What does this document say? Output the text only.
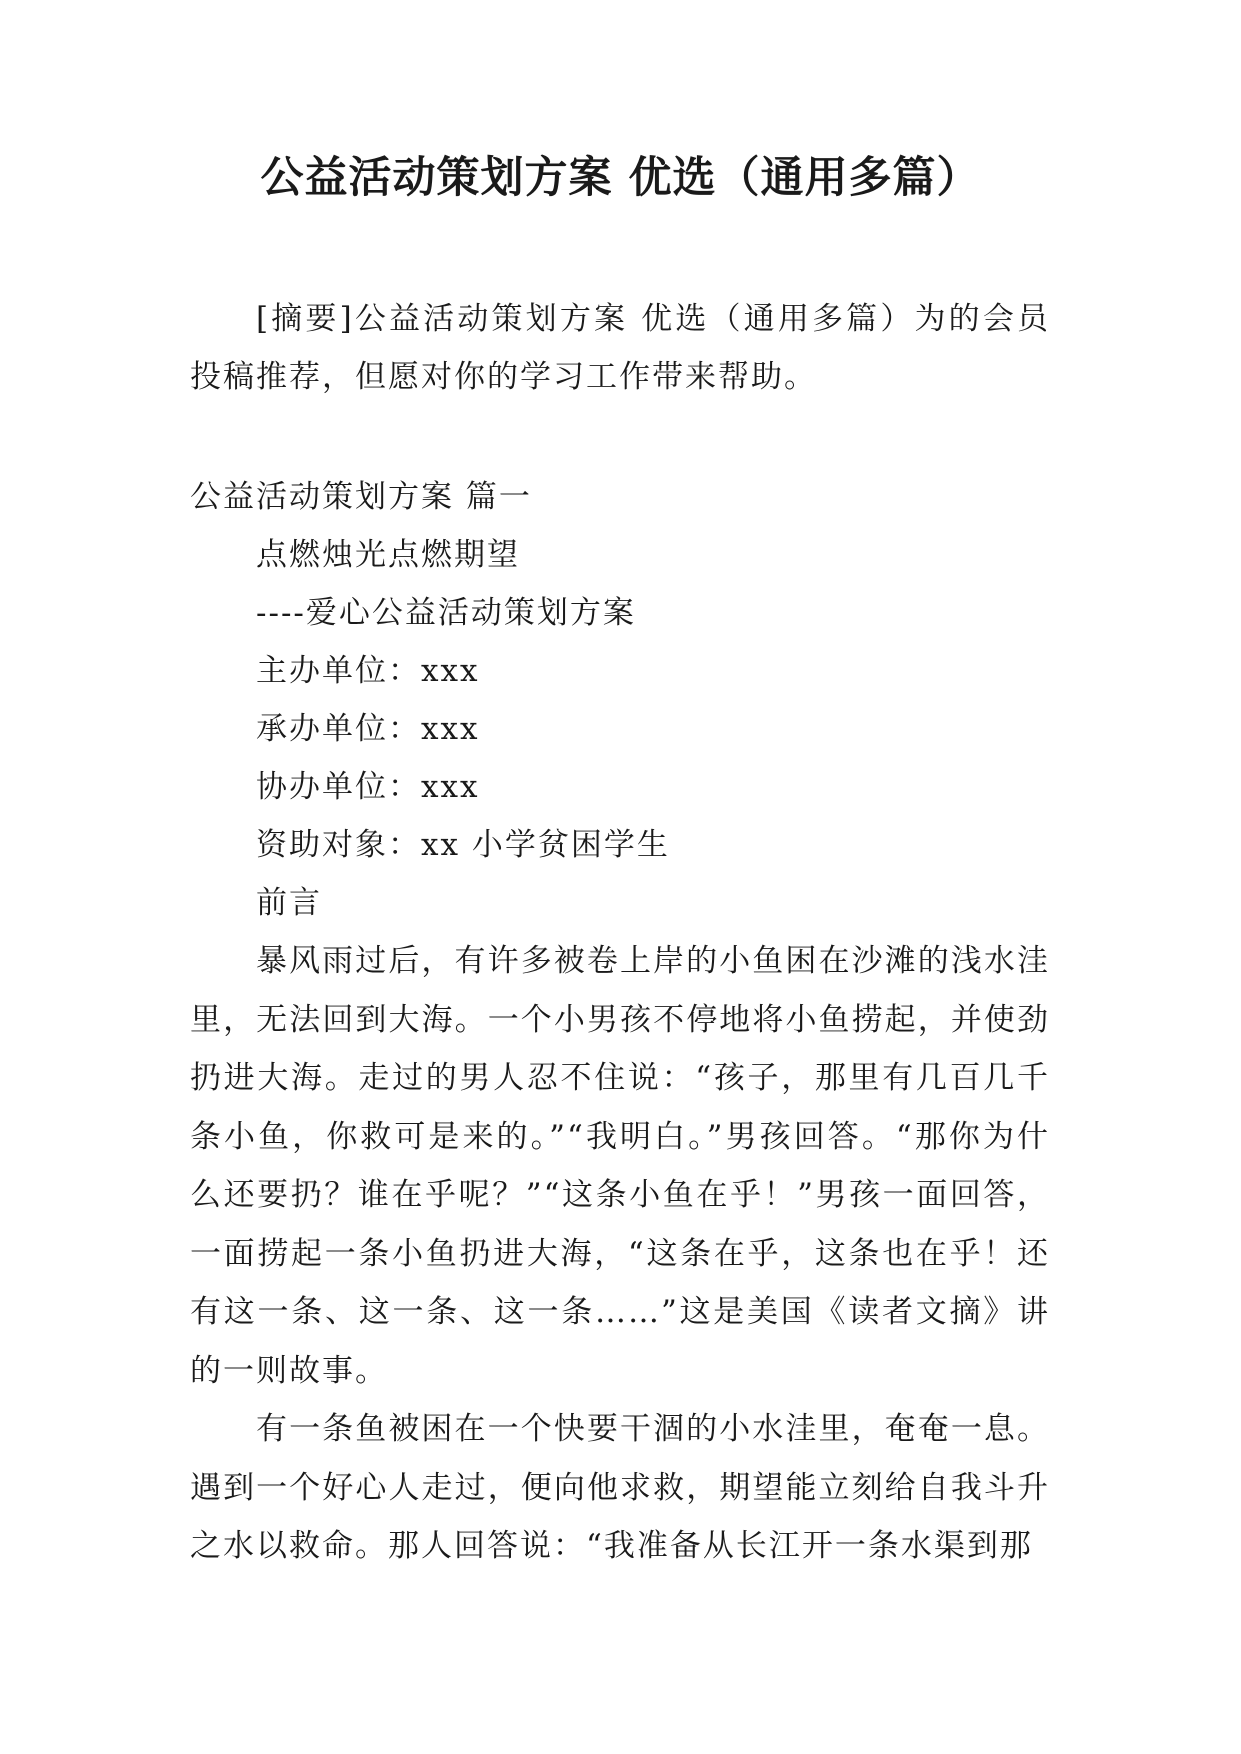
公益活动策划方案 优选（通用多篇）

[摘要]公益活动策划方案 优选（通用多篇）为的会员投稿推荐，但愿对你的学习工作带来帮助。

公益活动策划方案 篇一

点燃烛光点燃期望

----爱心公益活动策划方案

主办单位：xxx

承办单位：xxx

协办单位：xxx

资助对象：xx 小学贫困学生

前言

暴风雨过后，有许多被卷上岸的小鱼困在沙滩的浅水洼里，无法回到大海。一个小男孩不停地将小鱼捞起，并使劲扔进大海。走过的男人忍不住说：“孩子，那里有几百几千条小鱼，你救可是来的。”“我明白。”男孩回答。“那你为什么还要扔？谁在乎呢？”“这条小鱼在乎！”男孩一面回答，一面捞起一条小鱼扔进大海，“这条在乎，这条也在乎！还有这一条、这一条、这一条……”这是美国《读者文摘》讲的一则故事。

有一条鱼被困在一个快要干涸的小水洼里，奄奄一息。遇到一个好心人走过，便向他求救，期望能立刻给自我斗升之水以救命。那人回答说：“我准备从长江开一条水渠到那
